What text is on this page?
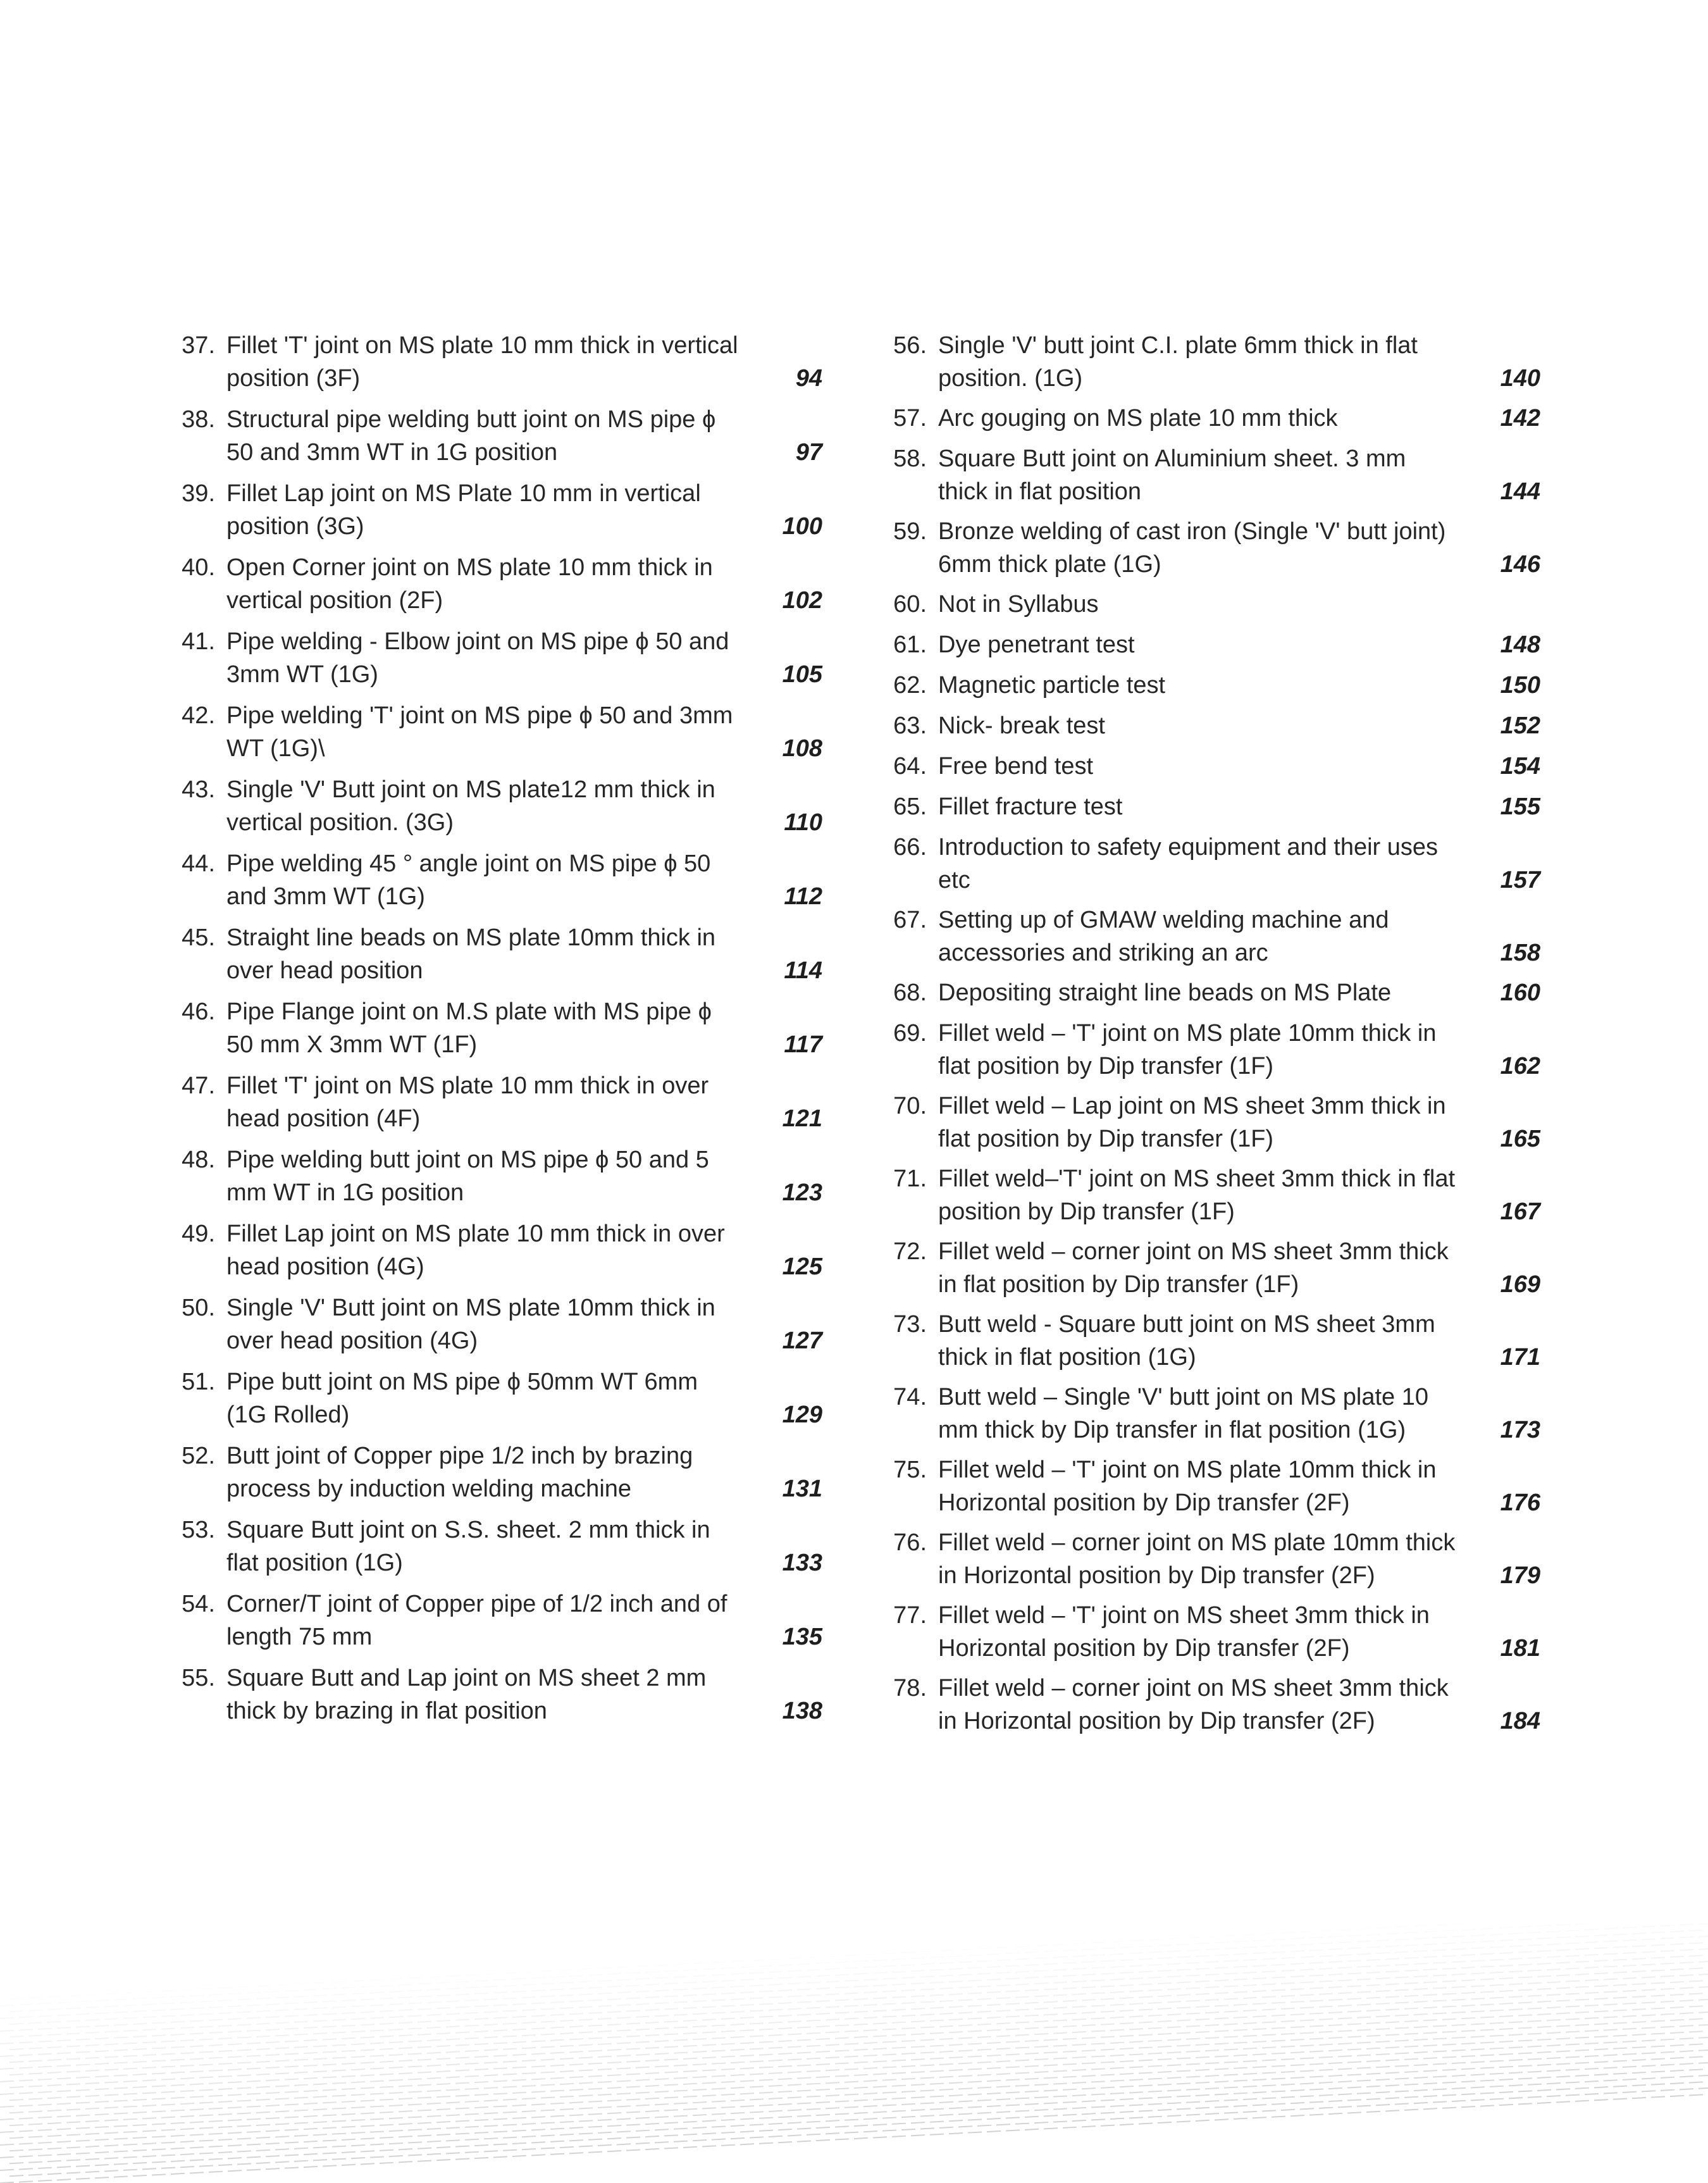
37. Fillet 'T' joint on MS plate 10 mm thick in vertical position (3F)	94
38. Structural pipe welding butt joint on MS pipe ϕ 50 and 3mm WT in 1G position	97
39. Fillet Lap joint on MS Plate 10 mm in vertical position (3G)	100
40. Open Corner joint on MS plate 10 mm thick in vertical position (2F)	102
41. Pipe welding - Elbow joint on MS pipe ϕ 50 and 3mm WT (1G)	105
42. Pipe welding 'T' joint on MS pipe ϕ 50 and 3mm WT (1G)\	108
43. Single 'V' Butt joint on MS plate12 mm thick in vertical position. (3G)	110
44. Pipe welding 45 ° angle joint on MS pipe ϕ 50 and 3mm WT (1G)	112
45. Straight line beads on MS plate 10mm thick in over head position	114
46. Pipe Flange joint on M.S plate with MS pipe ϕ 50 mm X 3mm WT (1F)	117
47. Fillet 'T' joint on MS plate 10 mm thick in over head position (4F)	121
48. Pipe welding butt joint on MS pipe ϕ 50 and 5 mm WT in 1G position	123
49. Fillet Lap joint on MS plate 10 mm thick in over head position (4G)	125
50. Single 'V' Butt joint on MS plate 10mm thick in over head position (4G)	127
51. Pipe butt joint on MS pipe ϕ 50mm WT 6mm (1G Rolled)	129
52. Butt joint of Copper pipe 1/2 inch by brazing process by induction welding machine	131
53. Square Butt joint on S.S. sheet. 2 mm thick in flat position (1G)	133
54. Corner/T joint of Copper pipe of 1/2 inch and of length 75 mm	135
55. Square Butt and Lap joint on MS sheet 2 mm thick by brazing in flat position	138
56. Single 'V' butt joint C.I. plate 6mm thick in flat position. (1G)	140
57. Arc gouging on MS plate 10 mm thick	142
58. Square Butt joint on Aluminium sheet. 3 mm thick in flat position	144
59. Bronze welding of cast iron (Single 'V' butt joint) 6mm thick plate (1G)	146
60. Not in Syllabus
61. Dye penetrant test	148
62. Magnetic particle test	150
63. Nick- break test	152
64. Free bend test	154
65. Fillet fracture test	155
66. Introduction to safety equipment and their uses etc	157
67. Setting up of GMAW welding machine and accessories and striking an arc	158
68. Depositing straight line beads on MS Plate	160
69. Fillet weld – 'T' joint on MS plate 10mm thick in flat position by Dip transfer (1F)	162
70. Fillet weld – Lap joint on MS sheet 3mm thick in flat position by Dip transfer (1F)	165
71. Fillet weld–'T' joint on MS sheet 3mm thick in flat position by Dip transfer (1F)	167
72. Fillet weld – corner joint on MS sheet 3mm thick in flat position by Dip transfer (1F)	169
73. Butt weld - Square butt joint on MS sheet 3mm thick in flat position (1G)	171
74. Butt weld – Single 'V' butt joint on MS plate 10 mm thick by Dip transfer in flat position (1G)	173
75. Fillet weld – 'T' joint on MS plate 10mm thick in Horizontal position by Dip transfer (2F)	176
76. Fillet weld – corner joint on MS plate 10mm thick in Horizontal position by Dip transfer (2F)	179
77. Fillet weld – 'T' joint on MS sheet 3mm thick in Horizontal position by Dip transfer (2F)	181
78. Fillet weld – corner joint on MS sheet 3mm thick in Horizontal position by Dip transfer (2F)	184
